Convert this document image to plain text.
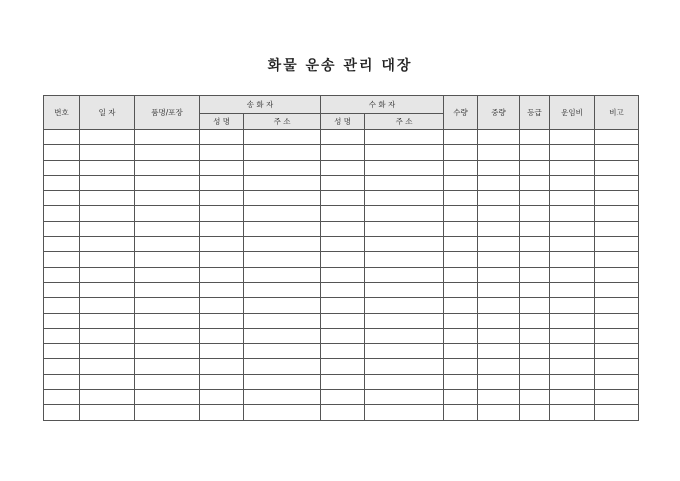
화물 운송 관리 대장
번호	일 자	품명/포장	송 화 자		수 화 자		수량	중량	등급	운임비	비고
			성 명	주 소	성 명	주 소					
